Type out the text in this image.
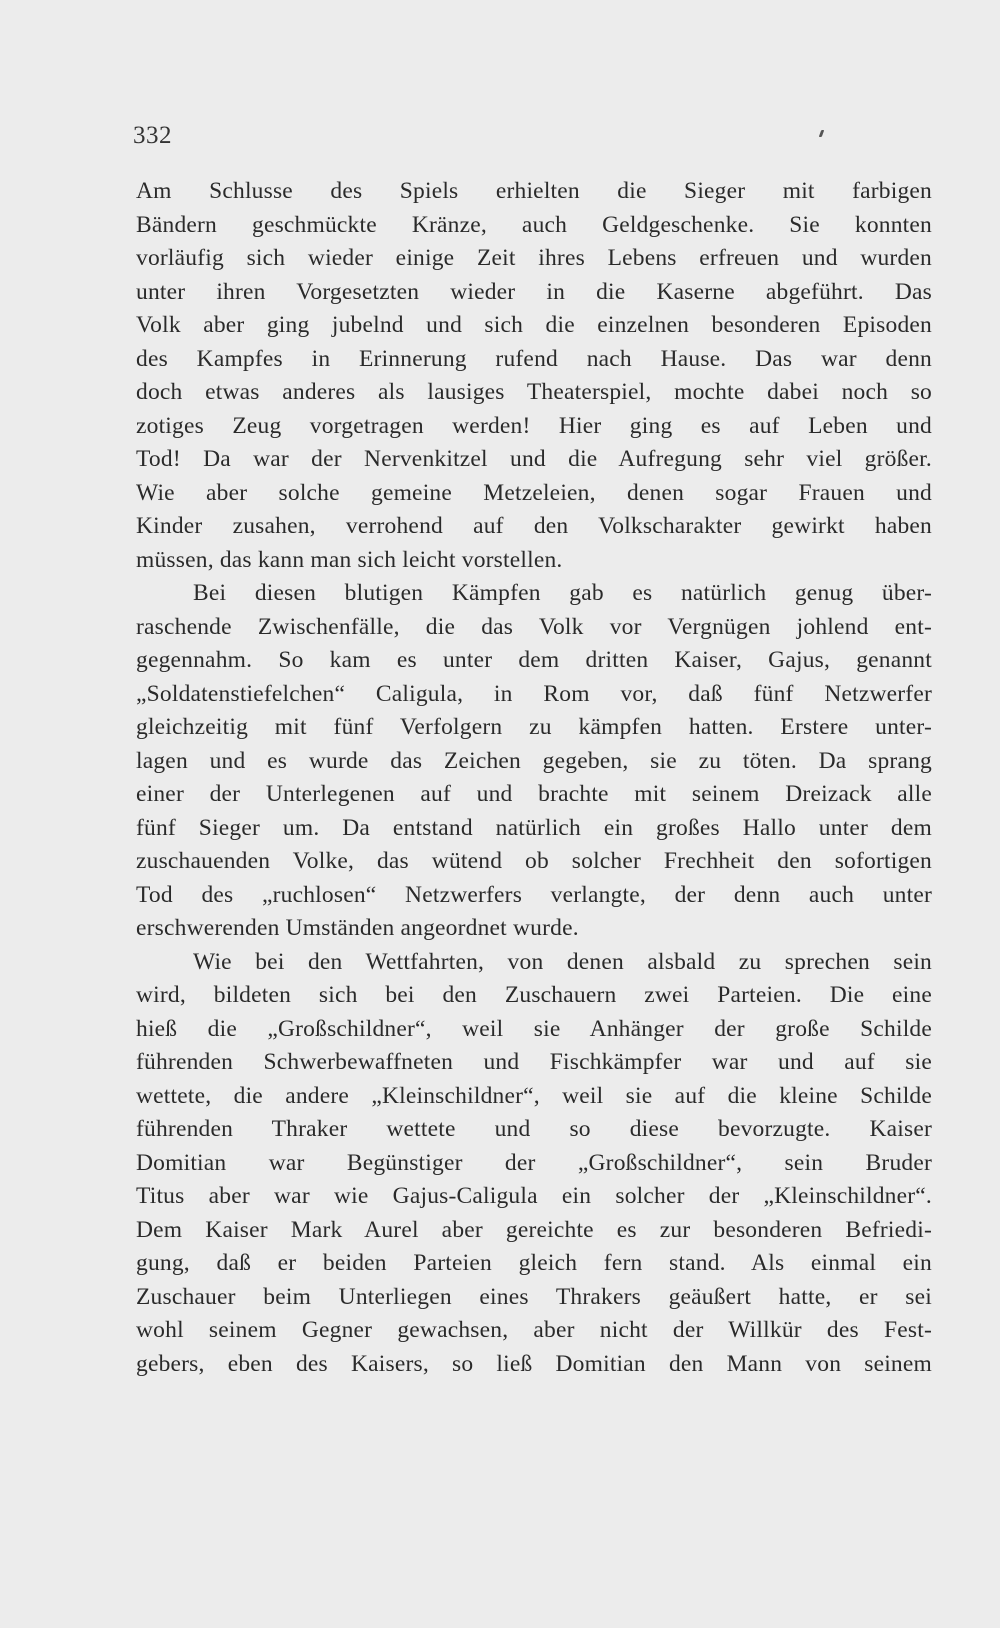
332
Am Schlusse des Spiels erhielten die Sieger mit farbigen
Bändern geschmückte Kränze, auch Geldgeschenke. Sie konnten
vorläufig sich wieder einige Zeit ihres Lebens erfreuen und wurden
unter ihren Vorgesetzten wieder in die Kaserne abgeführt. Das
Volk aber ging jubelnd und sich die einzelnen besonderen Episoden
des Kampfes in Erinnerung rufend nach Hause. Das war denn
doch etwas anderes als lausiges Theaterspiel, mochte dabei noch so
zotiges Zeug vorgetragen werden! Hier ging es auf Leben und
Tod! Da war der Nervenkitzel und die Aufregung sehr viel größer.
Wie aber solche gemeine Metzeleien, denen sogar Frauen und
Kinder zusahen, verrohend auf den Volkscharakter gewirkt haben
müssen, das kann man sich leicht vorstellen.
Bei diesen blutigen Kämpfen gab es natürlich genug über-
raschende Zwischenfälle, die das Volk vor Vergnügen johlend ent-
gegennahm. So kam es unter dem dritten Kaiser, Gajus, genannt
„Soldatenstiefelchen“ Caligula, in Rom vor, daß fünf Netzwerfer
gleichzeitig mit fünf Verfolgern zu kämpfen hatten. Erstere unter-
lagen und es wurde das Zeichen gegeben, sie zu töten. Da sprang
einer der Unterlegenen auf und brachte mit seinem Dreizack alle
fünf Sieger um. Da entstand natürlich ein großes Hallo unter dem
zuschauenden Volke, das wütend ob solcher Frechheit den sofortigen
Tod des „ruchlosen“ Netzwerfers verlangte, der denn auch unter
erschwerenden Umständen angeordnet wurde.
Wie bei den Wettfahrten, von denen alsbald zu sprechen sein
wird, bildeten sich bei den Zuschauern zwei Parteien. Die eine
hieß die „Großschildner“, weil sie Anhänger der große Schilde
führenden Schwerbewaffneten und Fischkämpfer war und auf sie
wettete, die andere „Kleinschildner“, weil sie auf die kleine Schilde
führenden Thraker wettete und so diese bevorzugte. Kaiser
Domitian war Begünstiger der „Großschildner“, sein Bruder
Titus aber war wie Gajus-Caligula ein solcher der „Kleinschildner“.
Dem Kaiser Mark Aurel aber gereichte es zur besonderen Befriedi-
gung, daß er beiden Parteien gleich fern stand. Als einmal ein
Zuschauer beim Unterliegen eines Thrakers geäußert hatte, er sei
wohl seinem Gegner gewachsen, aber nicht der Willkür des Fest-
gebers, eben des Kaisers, so ließ Domitian den Mann von seinem
